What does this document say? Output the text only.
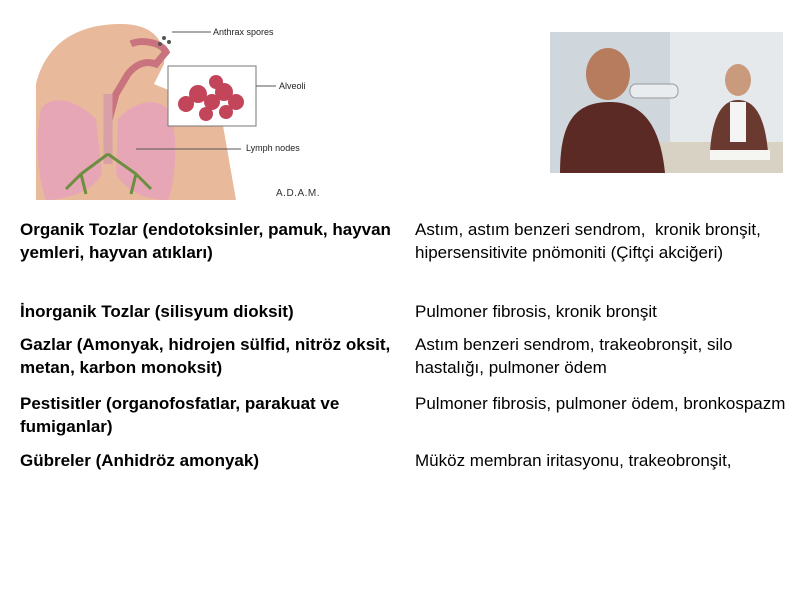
Anthrax spores
Alveoli
Lymph nodes
A.D.A.M.
Organik Tozlar (endotoksinler, pamuk, hayvan yemleri, hayvan atıkları)
Astım, astım benzeri sendrom,  kronik bronşit, hipersensitivite pnömoniti (Çiftçi akciğeri)
İnorganik Tozlar (silisyum dioksit)	Pulmoner fibrosis, kronik bronşit
Gazlar (Amonyak, hidrojen sülfid, nitröz oksit, metan, karbon monoksit)
Astım benzeri sendrom, trakeobronşit, silo hastalığı, pulmoner ödem
Pestisitler (organofosfatlar, parakuat ve fumiganlar)
Pulmoner fibrosis, pulmoner ödem, bronkospazm
Gübreler (Anhidröz amonyak)	Müköz membran iritasyonu, trakeobronşit,
